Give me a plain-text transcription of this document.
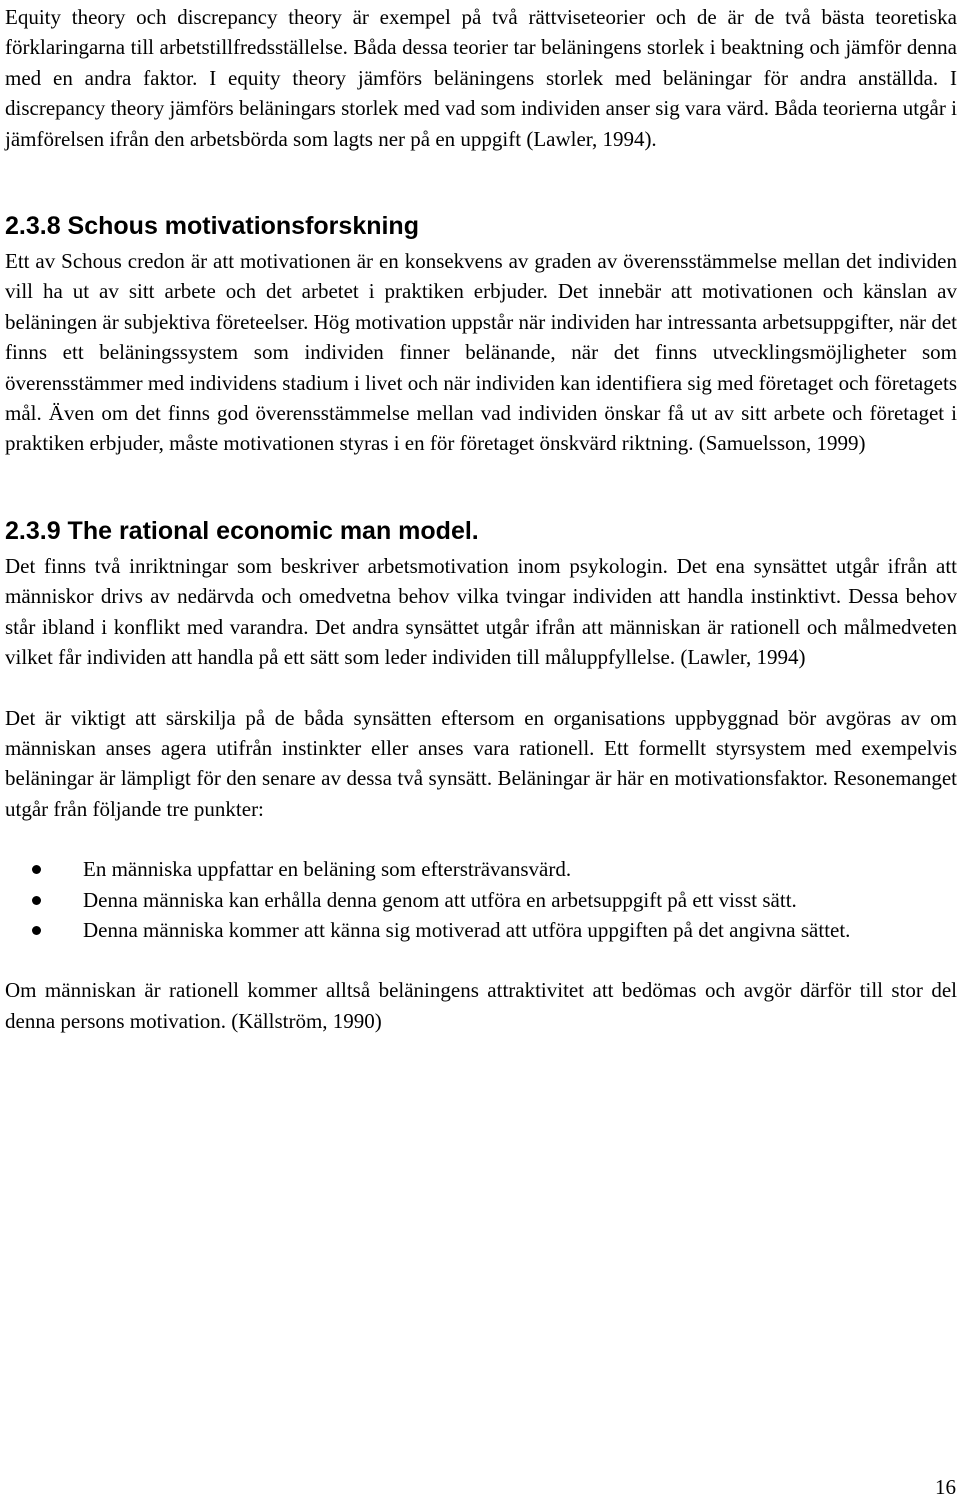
Equity theory och discrepancy theory är exempel på två rättviseteorier och de är de två bästa teoretiska förklaringarna till arbetstillfredsställelse. Båda dessa teorier tar beläningens storlek i beaktning och jämför denna med en andra faktor. I equity theory jämförs beläningens storlek med beläningar för andra anställda. I discrepancy theory jämförs beläningars storlek med vad som individen anser sig vara värd. Båda teorierna utgår i jämförelsen ifrån den arbetsbörda som lagts ner på en uppgift (Lawler, 1994).

2.3.8 Schous motivationsforskning

Ett av Schous credon är att motivationen är en konsekvens av graden av överensstämmelse mellan det individen vill ha ut av sitt arbete och det arbetet i praktiken erbjuder. Det innebär att motivationen och känslan av beläningen är subjektiva företeelser. Hög motivation uppstår när individen har intressanta arbetsuppgifter, när det finns ett beläningssystem som individen finner belänande, när det finns utvecklingsmöjligheter som överensstämmer med individens stadium i livet och när individen kan identifiera sig med företaget och företagets mål. Även om det finns god överensstämmelse mellan vad individen önskar få ut av sitt arbete och företaget i praktiken erbjuder, måste motivationen styras i en för företaget önskvärd riktning. (Samuelsson, 1999)

2.3.9 The rational economic man model.

Det finns två inriktningar som beskriver arbetsmotivation inom psykologin. Det ena synsättet utgår ifrån att människor drivs av nedärvda och omedvetna behov vilka tvingar individen att handla instinktivt. Dessa behov står ibland i konflikt med varandra. Det andra synsättet utgår ifrån att människan är rationell och målmedveten vilket får individen att handla på ett sätt som leder individen till måluppfyllelse. (Lawler, 1994)

Det är viktigt att särskilja på de båda synsätten eftersom en organisations uppbyggnad bör avgöras av om människan anses agera utifrån instinkter eller anses vara rationell. Ett formellt styrsystem med exempelvis beläningar är lämpligt för den senare av dessa två synsätt. Beläningar är här en motivationsfaktor. Resonemanget utgår från följande tre punkter:

En människa uppfattar en beläning som eftersträvansvärd.
Denna människa kan erhålla denna genom att utföra en arbetsuppgift på ett visst sätt.
Denna människa kommer att känna sig motiverad att utföra uppgiften på det angivna sättet.

Om människan är rationell kommer alltså beläningens attraktivitet att bedömas och avgör därför till stor del denna persons motivation. (Källström, 1990)

16
